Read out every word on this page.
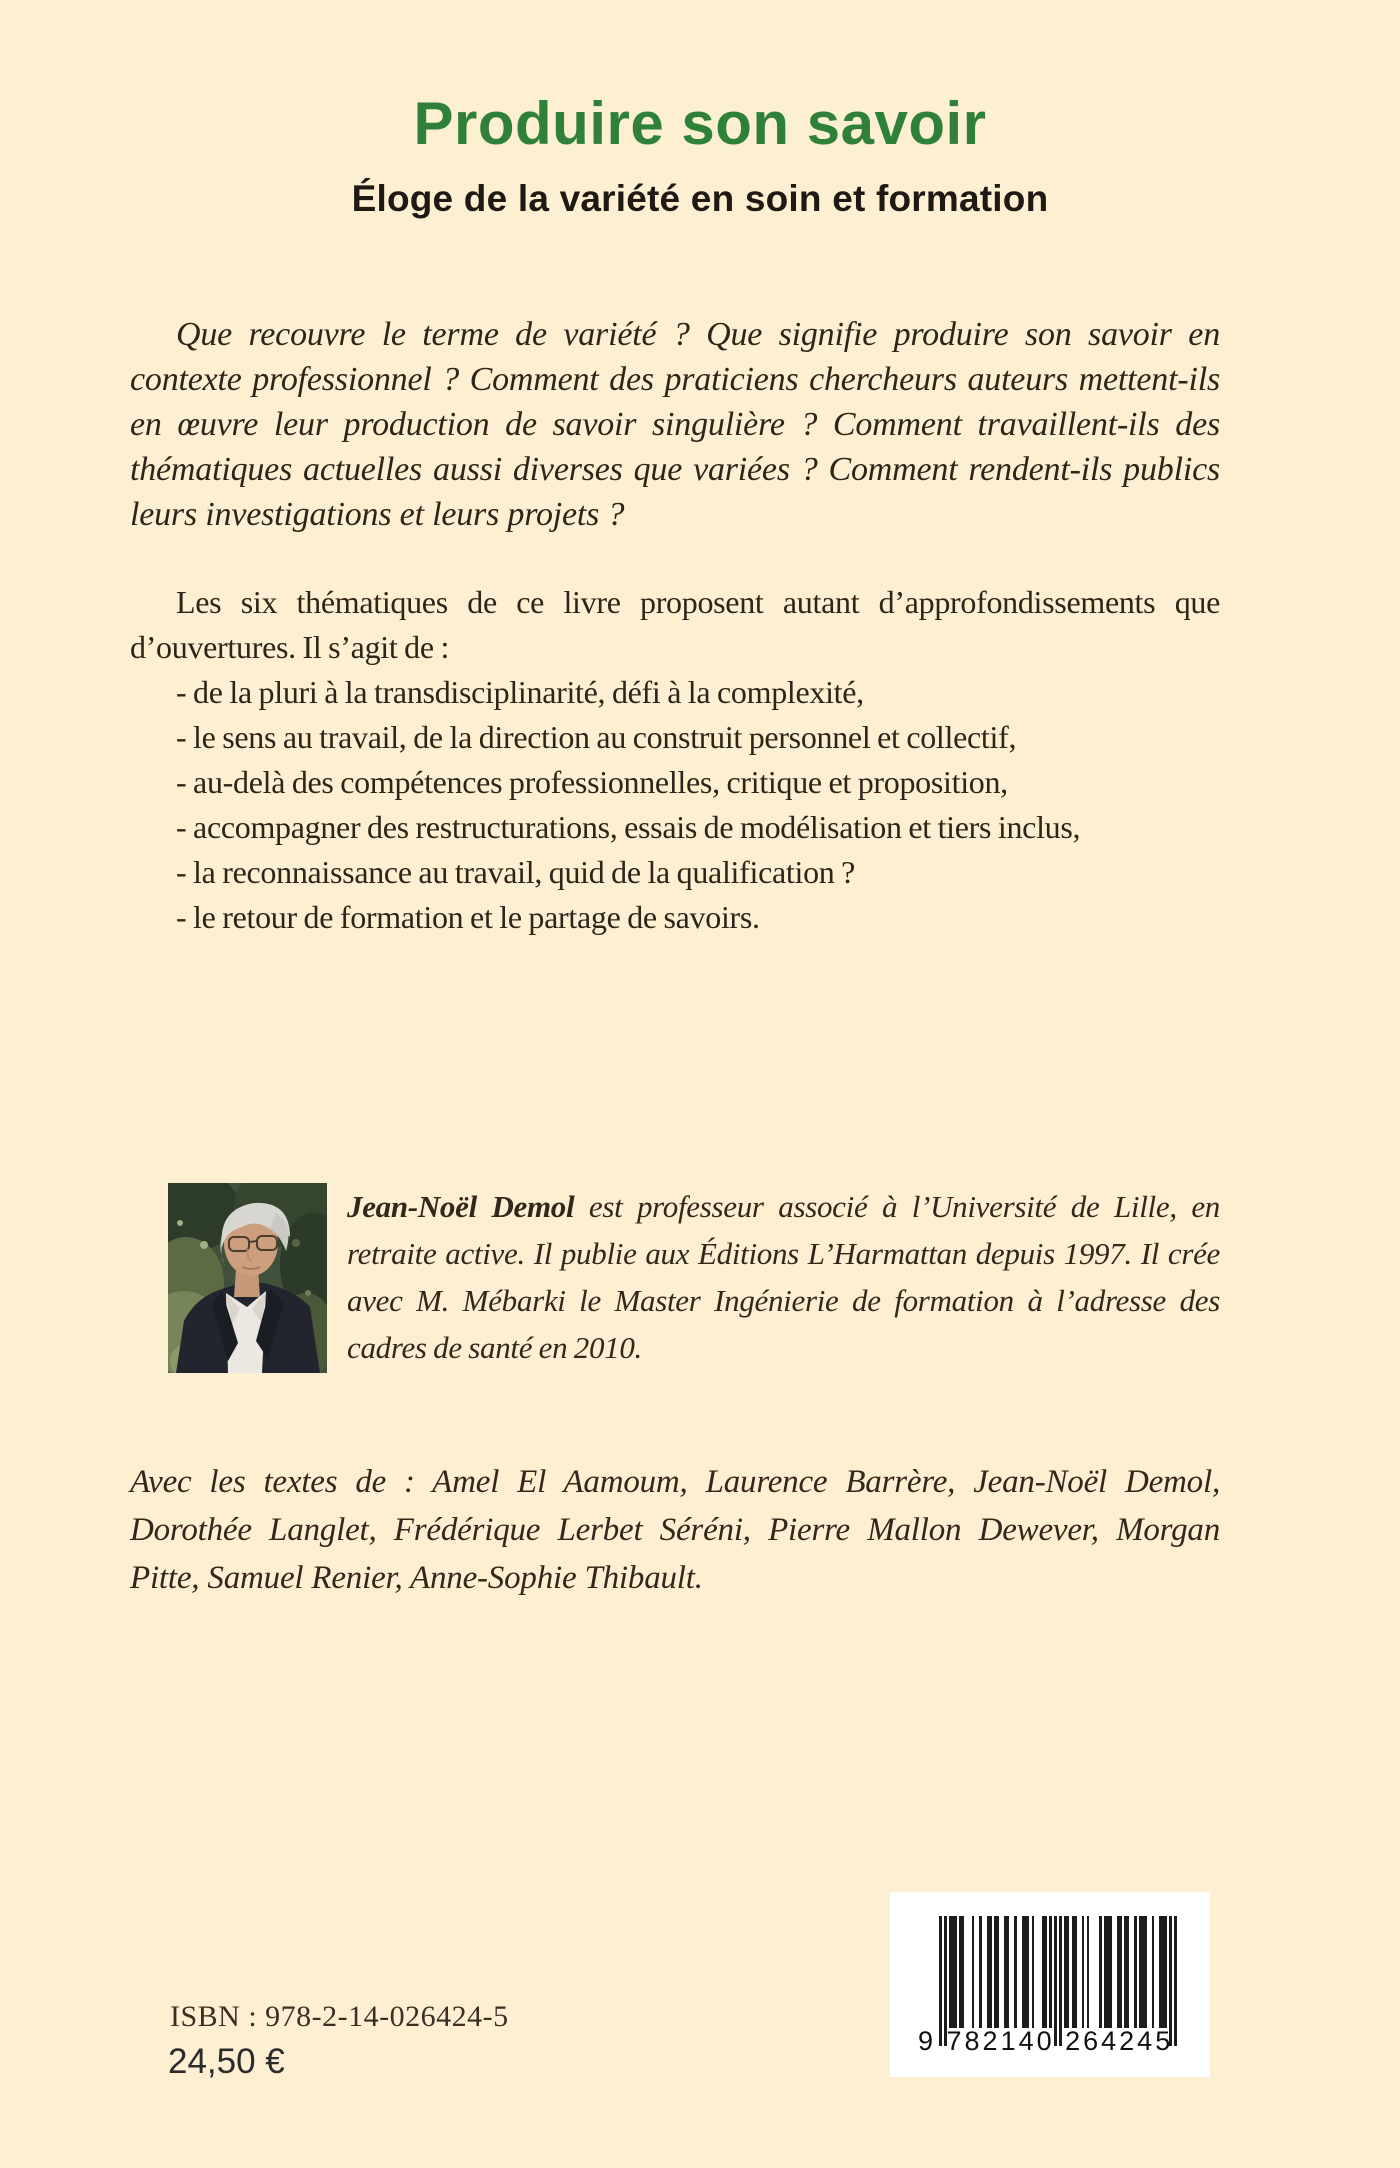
Produire son savoir
Éloge de la variété en soin et formation

Que recouvre le terme de variété ? Que signifie produire son savoir en contexte professionnel ? Comment des praticiens chercheurs auteurs mettent-ils en œuvre leur production de savoir singulière ? Comment travaillent-ils des thématiques actuelles aussi diverses que variées ? Comment rendent-ils publics leurs investigations et leurs projets ?

Les six thématiques de ce livre proposent autant d’approfondissements que d’ouvertures. Il s’agit de :

- de la pluri à la transdisciplinarité, défi à la complexité,

- le sens au travail, de la direction au construit personnel et collectif,

- au-delà des compétences professionnelles, critique et proposition,

- accompagner des restructurations, essais de modélisation et tiers inclus,

- la reconnaissance au travail, quid de la qualification ?

- le retour de formation et le partage de savoirs.

Jean-Noël Demol est professeur associé à l’Université de Lille, en retraite active. Il publie aux Éditions L’Harmattan depuis 1997. Il crée avec M. Mébarki le Master Ingénierie de formation à l’adresse des cadres de santé en 2010.

Avec les textes de : Amel El Aamoum, Laurence Barrère, Jean-Noël Demol, Dorothée Langlet, Frédérique Lerbet Séréni, Pierre Mallon Dewever, Morgan Pitte, Samuel Renier, Anne-Sophie Thibault.

ISBN : 978-2-14-026424-5

24,50 €

9 782140 264245
